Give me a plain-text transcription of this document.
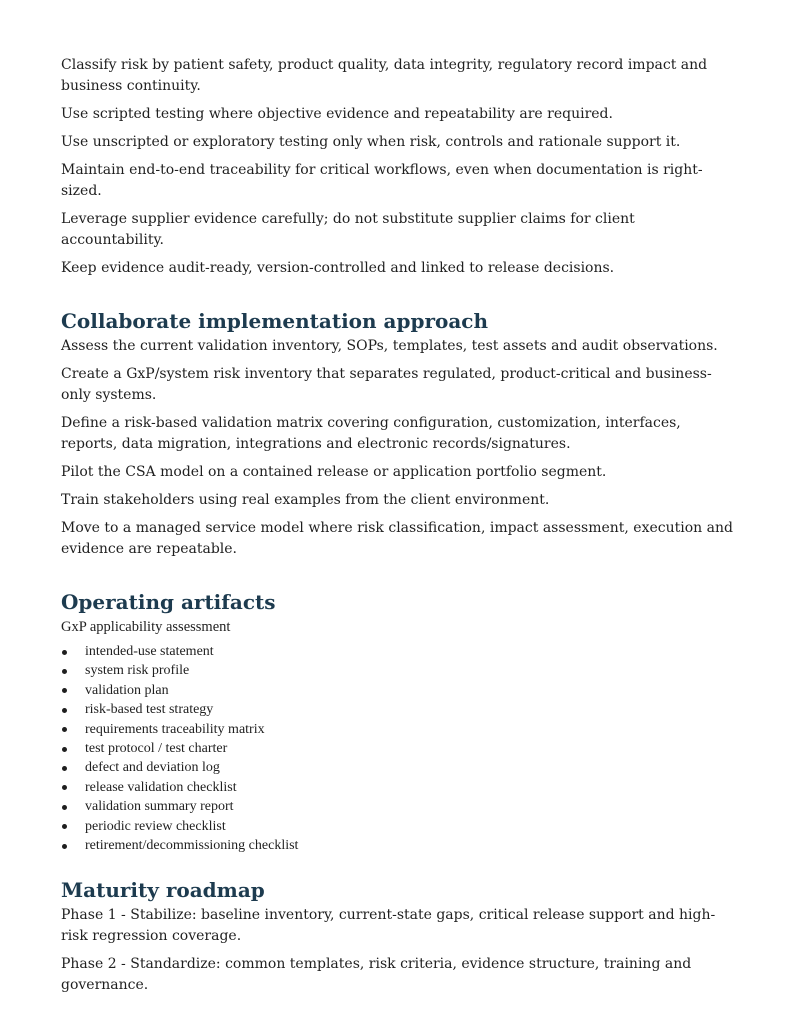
Classify risk by patient safety, product quality, data integrity, regulatory record impact and business continuity.

Use scripted testing where objective evidence and repeatability are required.

Use unscripted or exploratory testing only when risk, controls and rationale support it.

Maintain end-to-end traceability for critical workflows, even when documentation is right-sized.

Leverage supplier evidence carefully; do not substitute supplier claims for client accountability.

Keep evidence audit-ready, version-controlled and linked to release decisions.

Collaborate implementation approach

Assess the current validation inventory, SOPs, templates, test assets and audit observations.

Create a GxP/system risk inventory that separates regulated, product-critical and business-only systems.

Define a risk-based validation matrix covering configuration, customization, interfaces, reports, data migration, integrations and electronic records/signatures.

Pilot the CSA model on a contained release or application portfolio segment.

Train stakeholders using real examples from the client environment.

Move to a managed service model where risk classification, impact assessment, execution and evidence are repeatable.

Operating artifacts

GxP applicability assessment

intended-use statement
system risk profile
validation plan
risk-based test strategy
requirements traceability matrix
test protocol / test charter
defect and deviation log
release validation checklist
validation summary report
periodic review checklist
retirement/decommissioning checklist
Maturity roadmap

Phase 1 - Stabilize: baseline inventory, current-state gaps, critical release support and high-risk regression coverage.

Phase 2 - Standardize: common templates, risk criteria, evidence structure, training and governance.
